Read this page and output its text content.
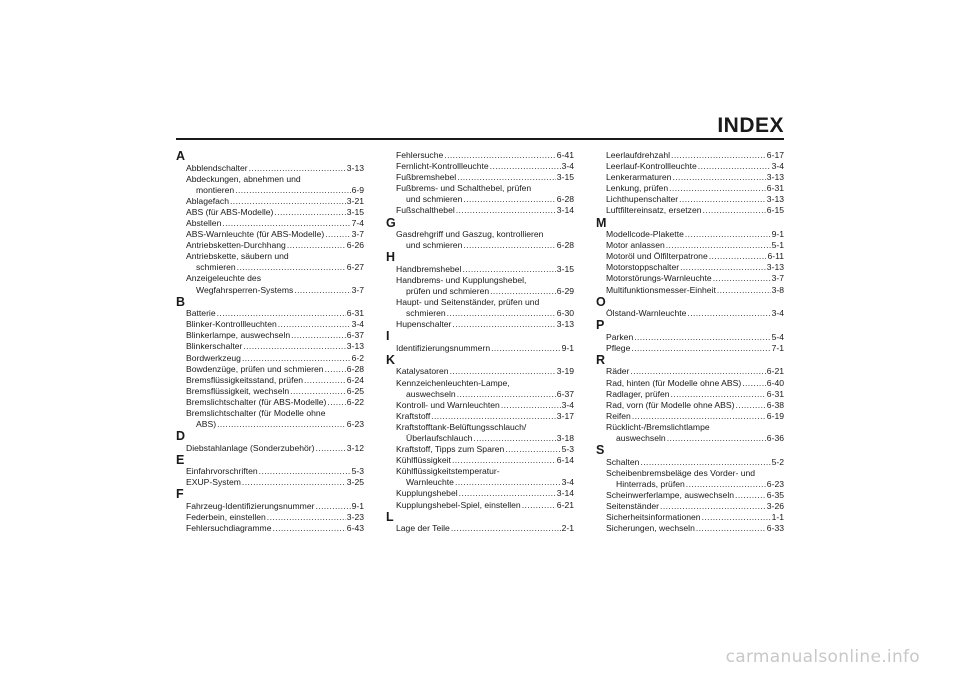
INDEX
A
Abblendschalter .....	3-13
Abdeckungen, abnehmen und
montieren .....	6-9
Ablagefach .....	3-21
ABS (für ABS-Modelle) .....	3-15
Abstellen .....	7-4
ABS-Warnleuchte (für ABS-Modelle) .....	3-7
Antriebsketten-Durchhang .....	6-26
Antriebskette, säubern und
schmieren .....	6-27
Anzeigeleuchte des
Wegfahrsperren-Systems .....	3-7
B
Batterie .....	6-31
Blinker-Kontrollleuchten .....	3-4
Blinkerlampe, auswechseln .....	6-37
Blinkerschalter .....	3-13
Bordwerkzeug .....	6-2
Bowdenzüge, prüfen und schmieren .....	6-28
Bremsflüssigkeitsstand, prüfen .....	6-24
Bremsflüssigkeit, wechseln .....	6-25
Bremslichtschalter (für ABS-Modelle) ..... 6-22
Bremslichtschalter (für Modelle ohne
ABS) .....	6-23
D
Diebstahlanlage (Sonderzubehör) .....	3-12
E
Einfahrvorschriften .....	5-3
EXUP-System .....	3-25
F
Fahrzeug-Identifizierungsnummer .....	9-1
Federbein, einstellen .....	3-23
Fehlersuchdiagramme .....	6-43
Fehlersuche .....	6-41
Fernlicht-Kontrollleuchte .....	3-4
Fußbremshebel .....	3-15
Fußbrems- und Schalthebel, prüfen
und schmieren .....	6-28
Fußschalthebel .....	3-14
G
Gasdrehgriff und Gaszug, kontrollieren
und schmieren .....	6-28
H
Handbremshebel .....	3-15
Handbrems- und Kupplungshebel,
prüfen und schmieren .....	6-29
Haupt- und Seitenständer, prüfen und
schmieren .....	6-30
Hupenschalter .....	3-13
I
Identifizierungsnummern .....	9-1
K
Katalysatoren .....	3-19
Kennzeichenleuchten-Lampe,
auswechseln .....	6-37
Kontroll- und Warnleuchten .....	3-4
Kraftstoff .....	3-17
Kraftstofftank-Belüftungsschlauch/
Überlaufschlauch .....	3-18
Kraftstoff, Tipps zum Sparen .....	5-3
Kühlflüssigkeit .....	6-14
Kühlflüssigkeitstemperatur-
Warnleuchte .....	3-4
Kupplungshebel .....	3-14
Kupplungshebel-Spiel, einstellen .....	6-21
L
Lage der Teile .....	2-1
Leerlaufdrehzahl .....	6-17
Leerlauf-Kontrollleuchte .....	3-4
Lenkerarmaturen .....	3-13
Lenkung, prüfen .....	6-31
Lichthupenschalter .....	3-13
Luftfiltereinsatz, ersetzen .....	6-15
M
Modellcode-Plakette .....	9-1
Motor anlassen .....	5-1
Motoröl und Ölfilterpatrone .....	6-11
Motorstoppschalter .....	3-13
Motorstörungs-Warnleuchte .....	3-7
Multifunktionsmesser-Einheit .....	3-8
O
Ölstand-Warnleuchte .....	3-4
P
Parken .....	5-4
Pflege .....	7-1
R
Räder .....	6-21
Rad, hinten (für Modelle ohne ABS) .....	6-40
Radlager, prüfen .....	6-31
Rad, vorn (für Modelle ohne ABS) .....	6-38
Reifen .....	6-19
Rücklicht-/Bremslichtlampe
auswechseln .....	6-36
S
Schalten .....	5-2
Scheibenbremsbeläge des Vorder- und
Hinterrads, prüfen .....	6-23
Scheinwerferlampe, auswechseln .....	6-35
Seitenständer .....	3-26
Sicherheitsinformationen .....	1-1
Sicherungen, wechseln .....	6-33
carmanualsonline.info
